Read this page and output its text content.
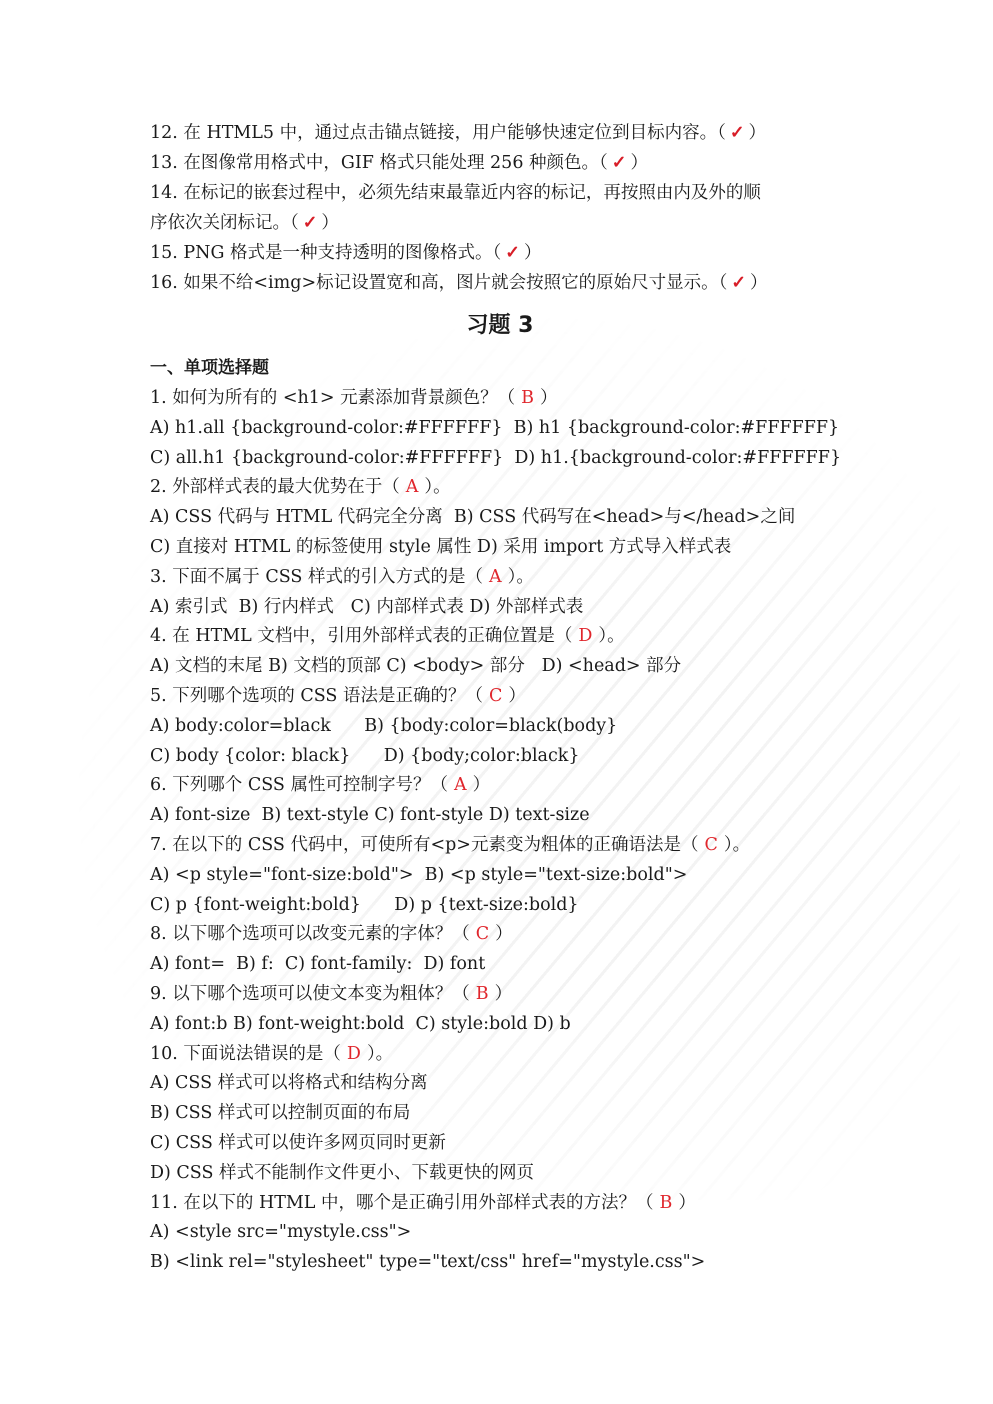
12. 在 HTML5 中，通过点击锚点链接，用户能够快速定位到目标内容。（ ✓ ）
13. 在图像常用格式中，GIF 格式只能处理 256 种颜色。（ ✓ ）
14. 在标记的嵌套过程中，必须先结束最靠近内容的标记，再按照由内及外的顺
序依次关闭标记。（ ✓ ）
15. PNG 格式是一种支持透明的图像格式。（ ✓ ）
16. 如果不给<img>标记设置宽和高，图片就会按照它的原始尺寸显示。（ ✓ ）
习题 3
一、单项选择题
1. 如何为所有的 <h1> 元素添加背景颜色？（ B ）
A) h1.all {background-color:#FFFFFF}  B) h1 {background-color:#FFFFFF}
C) all.h1 {background-color:#FFFFFF}  D) h1.{background-color:#FFFFFF}
2. 外部样式表的最大优势在于（ A ）。
A) CSS 代码与 HTML 代码完全分离  B) CSS 代码写在<head>与</head>之间
C) 直接对 HTML 的标签使用 style 属性 D) 采用 import 方式导入样式表
3. 下面不属于 CSS 样式的引入方式的是（ A ）。
A) 索引式  B) 行内样式   C) 内部样式表 D) 外部样式表
4. 在 HTML 文档中，引用外部样式表的正确位置是（ D ）。
A) 文档的末尾 B) 文档的顶部 C) <body> 部分   D) <head> 部分
5. 下列哪个选项的 CSS 语法是正确的？（ C ）
A) body:color=black      B) {body:color=black(body}
C) body {color: black}      D) {body;color:black}
6. 下列哪个 CSS 属性可控制字号？（ A ）
A) font-size  B) text-style C) font-style D) text-size
7. 在以下的 CSS 代码中，可使所有<p>元素变为粗体的正确语法是（ C ）。
A) <p style="font-size:bold">  B) <p style="text-size:bold">
C) p {font-weight:bold}      D) p {text-size:bold}
8. 以下哪个选项可以改变元素的字体？（ C ）
A) font=  B) f:  C) font-family:  D) font
9. 以下哪个选项可以使文本变为粗体？（ B ）
A) font:b B) font-weight:bold  C) style:bold D) b
10. 下面说法错误的是（ D ）。
A) CSS 样式可以将格式和结构分离
B) CSS 样式可以控制页面的布局
C) CSS 样式可以使许多网页同时更新
D) CSS 样式不能制作文件更小、下载更快的网页
11. 在以下的 HTML 中，哪个是正确引用外部样式表的方法？（ B ）
A) <style src="mystyle.css">
B) <link rel="stylesheet" type="text/css" href="mystyle.css">
